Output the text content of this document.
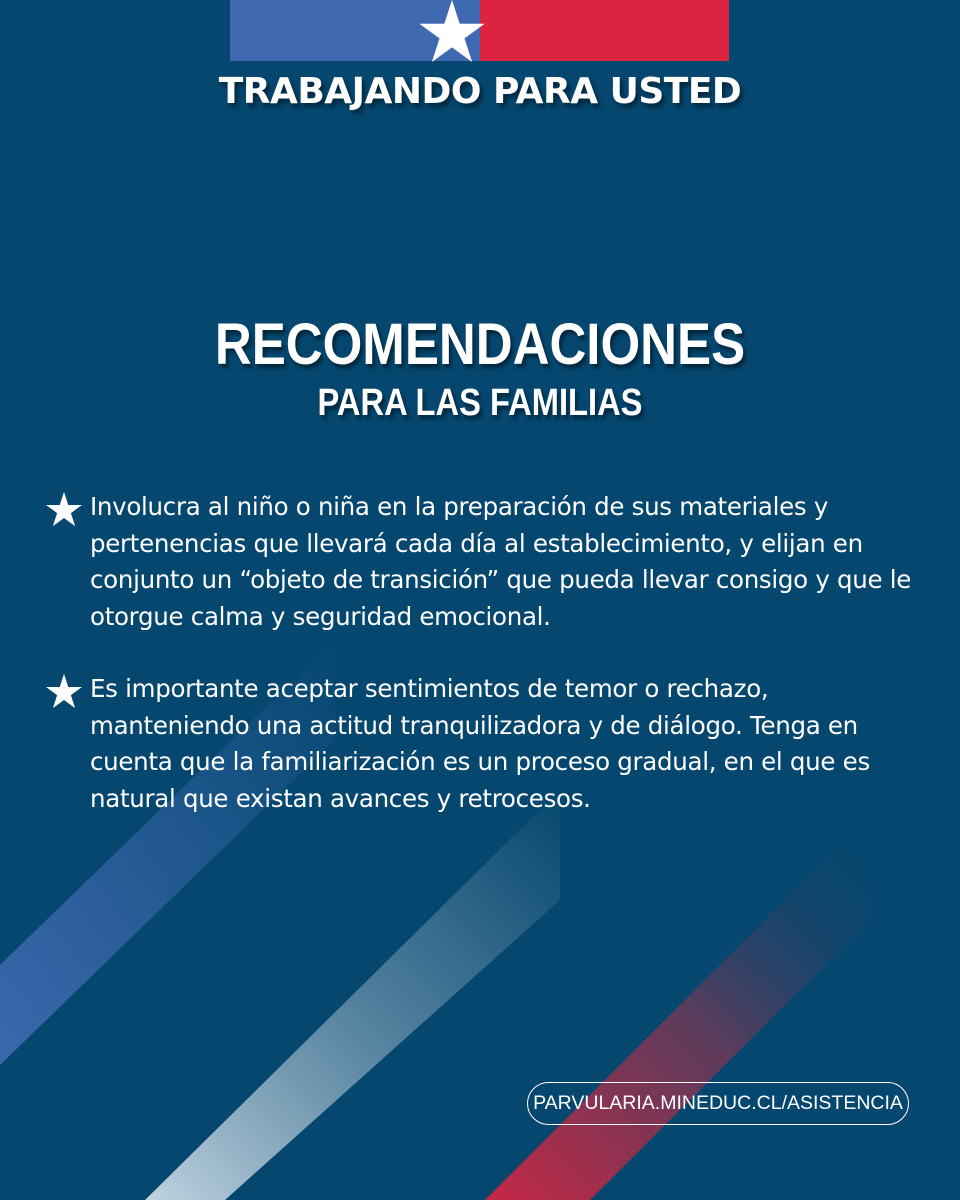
TRABAJANDO PARA USTED
RECOMENDACIONES
PARA LAS FAMILIAS

Involucra al niño o niña en la preparación de sus materiales y pertenencias que llevará cada día al establecimiento, y elijan en conjunto un “objeto de transición” que pueda llevar consigo y que le otorgue calma y seguridad emocional.

Es importante aceptar sentimientos de temor o rechazo, manteniendo una actitud tranquilizadora y de diálogo. Tenga en cuenta que la familiarización es un proceso gradual, en el que es natural que existan avances y retrocesos.

PARVULARIA.MINEDUC.CL/ASISTENCIA
